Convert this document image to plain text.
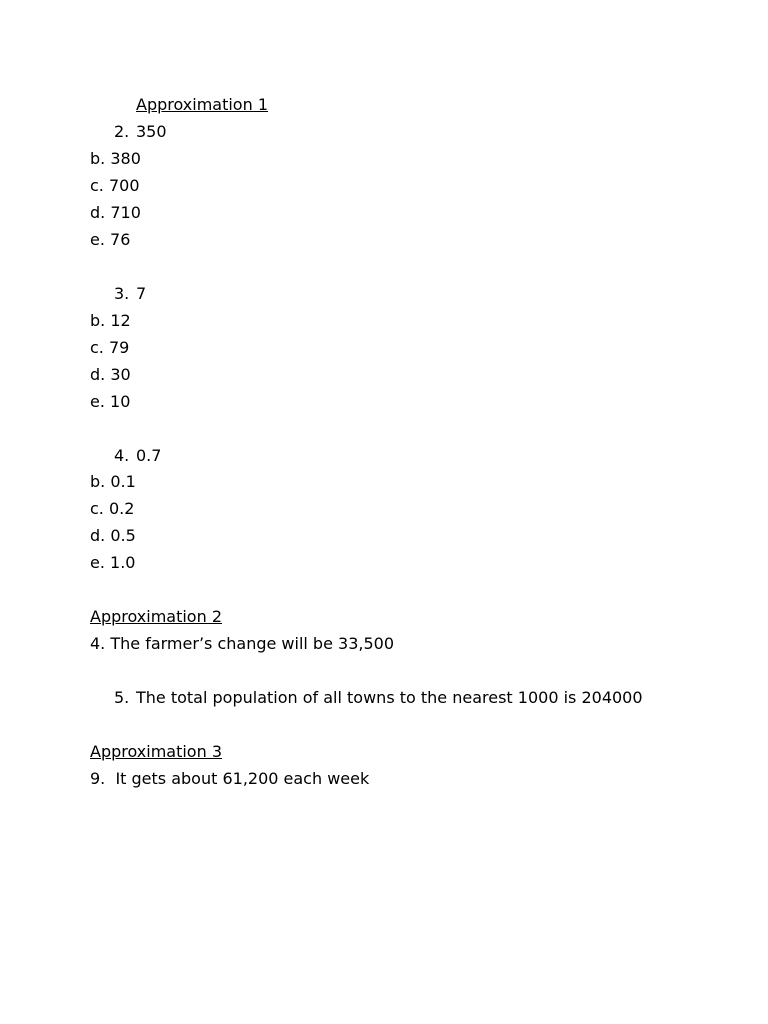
Approximation 1
2. 350
b. 380
c. 700
d. 710
e. 76
3. 7
b. 12
c. 79
d. 30
e. 10
4. 0.7
b. 0.1
c. 0.2
d. 0.5
e. 1.0
Approximation 2
4. The farmer’s change will be 33,500
5. The total population of all towns to the nearest 1000 is 204000
Approximation 3
9.  It gets about 61,200 each week
